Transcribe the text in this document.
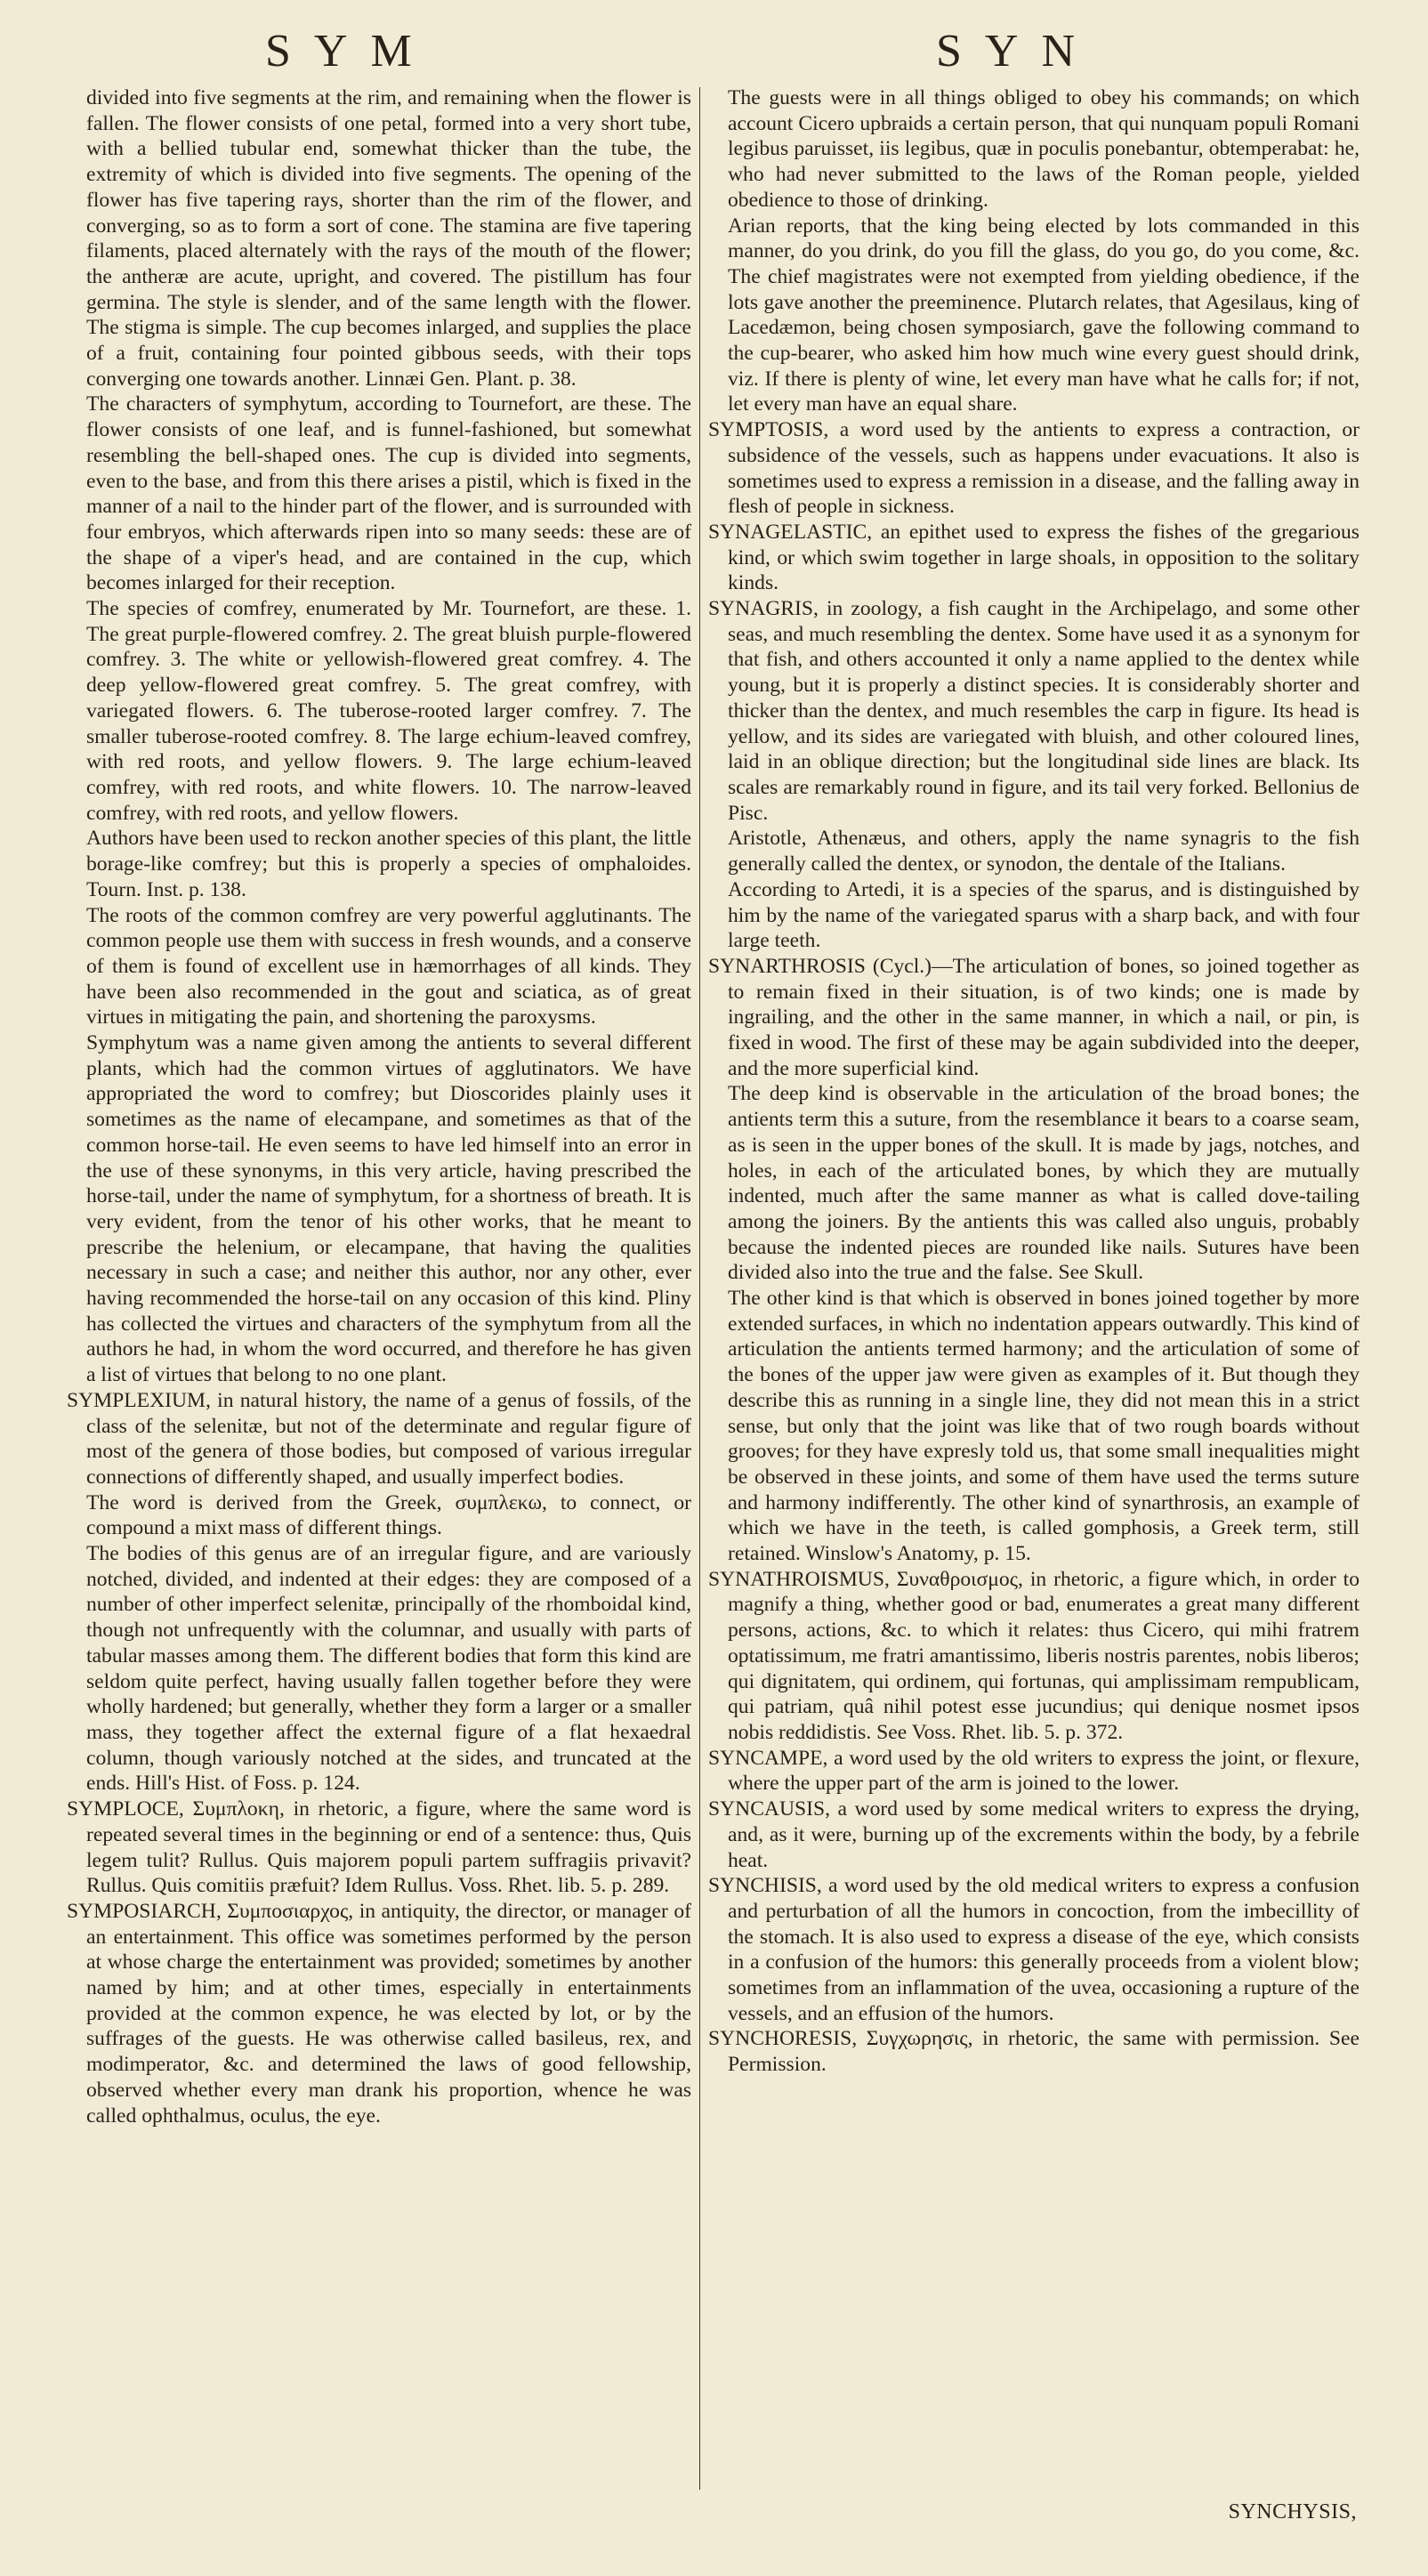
SYM	SYN

divided into five segments at the rim, and remaining when the flower is fallen. The flower consists of one petal, formed into a very short tube, with a bellied tubular end, somewhat thicker than the tube, the extremity of which is divided into five segments. The opening of the flower has five tapering rays, shorter than the rim of the flower, and converging, so as to form a sort of cone. The stamina are five tapering filaments, placed alternately with the rays of the mouth of the flower; the antheræ are acute, upright, and covered. The pistillum has four germina. The style is slender, and of the same length with the flower. The stigma is simple. The cup becomes inlarged, and supplies the place of a fruit, containing four pointed gibbous seeds, with their tops converging one towards another. Linnæi Gen. Plant. p. 38.

The characters of symphytum, according to Tournefort, are these. The flower consists of one leaf, and is funnel-fashioned, but somewhat resembling the bell-shaped ones. The cup is divided into segments, even to the base, and from this there arises a pistil, which is fixed in the manner of a nail to the hinder part of the flower, and is surrounded with four embryos, which afterwards ripen into so many seeds: these are of the shape of a viper's head, and are contained in the cup, which becomes inlarged for their reception.

The species of comfrey, enumerated by Mr. Tournefort, are these. 1. The great purple-flowered comfrey. 2. The great bluish purple-flowered comfrey. 3. The white or yellowish-flowered great comfrey. 4. The deep yellow-flowered great comfrey. 5. The great comfrey, with variegated flowers. 6. The tuberose-rooted larger comfrey. 7. The smaller tuberose-rooted comfrey. 8. The large echium-leaved comfrey, with red roots, and yellow flowers. 9. The large echium-leaved comfrey, with red roots, and white flowers. 10. The narrow-leaved comfrey, with red roots, and yellow flowers.

Authors have been used to reckon another species of this plant, the little borage-like comfrey; but this is properly a species of omphaloides. Tourn. Inst. p. 138.

The roots of the common comfrey are very powerful agglutinants. The common people use them with success in fresh wounds, and a conserve of them is found of excellent use in hæmorrhages of all kinds. They have been also recommended in the gout and sciatica, as of great virtues in mitigating the pain, and shortening the paroxysms.

Symphytum was a name given among the antients to several different plants, which had the common virtues of agglutinators. We have appropriated the word to comfrey; but Dioscorides plainly uses it sometimes as the name of elecampane, and sometimes as that of the common horse-tail. He even seems to have led himself into an error in the use of these synonyms, in this very article, having prescribed the horse-tail, under the name of symphytum, for a shortness of breath. It is very evident, from the tenor of his other works, that he meant to prescribe the helenium, or elecampane, that having the qualities necessary in such a case; and neither this author, nor any other, ever having recommended the horse-tail on any occasion of this kind. Pliny has collected the virtues and characters of the symphytum from all the authors he had, in whom the word occurred, and therefore he has given a list of virtues that belong to no one plant.

SYMPLEXIUM, in natural history, the name of a genus of fossils, of the class of the selenitæ, but not of the determinate and regular figure of most of the genera of those bodies, but composed of various irregular connections of differently shaped, and usually imperfect bodies.

The word is derived from the Greek, συμπλεκω, to connect, or compound a mixt mass of different things.

The bodies of this genus are of an irregular figure, and are variously notched, divided, and indented at their edges: they are composed of a number of other imperfect selenitæ, principally of the rhomboidal kind, though not unfrequently with the columnar, and usually with parts of tabular masses among them. The different bodies that form this kind are seldom quite perfect, having usually fallen together before they were wholly hardened; but generally, whether they form a larger or a smaller mass, they together affect the external figure of a flat hexaedral column, though variously notched at the sides, and truncated at the ends. Hill's Hist. of Foss. p. 124.

SYMPLOCE, Συμπλοκη, in rhetoric, a figure, where the same word is repeated several times in the beginning or end of a sentence: thus, Quis legem tulit? Rullus. Quis majorem populi partem suffragiis privavit? Rullus. Quis comitiis præfuit? Idem Rullus. Voss. Rhet. lib. 5. p. 289.

SYMPOSIARCH, Συμποσιαρχος, in antiquity, the director, or manager of an entertainment. This office was sometimes performed by the person at whose charge the entertainment was provided; sometimes by another named by him; and at other times, especially in entertainments provided at the common expence, he was elected by lot, or by the suffrages of the guests. He was otherwise called basileus, rex, and modimperator, &c. and determined the laws of good fellowship, observed whether every man drank his proportion, whence he was called ophthalmus, oculus, the eye.

The guests were in all things obliged to obey his commands; on which account Cicero upbraids a certain person, that qui nunquam populi Romani legibus paruisset, iis legibus, quæ in poculis ponebantur, obtemperabat: he, who had never submitted to the laws of the Roman people, yielded obedience to those of drinking.

Arian reports, that the king being elected by lots commanded in this manner, do you drink, do you fill the glass, do you go, do you come, &c. The chief magistrates were not exempted from yielding obedience, if the lots gave another the preeminence. Plutarch relates, that Agesilaus, king of Lacedæmon, being chosen symposiarch, gave the following command to the cup-bearer, who asked him how much wine every guest should drink, viz. If there is plenty of wine, let every man have what he calls for; if not, let every man have an equal share.

SYMPTOSIS, a word used by the antients to express a contraction, or subsidence of the vessels, such as happens under evacuations. It also is sometimes used to express a remission in a disease, and the falling away in flesh of people in sickness.

SYNAGELASTIC, an epithet used to express the fishes of the gregarious kind, or which swim together in large shoals, in opposition to the solitary kinds.

SYNAGRIS, in zoology, a fish caught in the Archipelago, and some other seas, and much resembling the dentex. Some have used it as a synonym for that fish, and others accounted it only a name applied to the dentex while young, but it is properly a distinct species. It is considerably shorter and thicker than the dentex, and much resembles the carp in figure. Its head is yellow, and its sides are variegated with bluish, and other coloured lines, laid in an oblique direction; but the longitudinal side lines are black. Its scales are remarkably round in figure, and its tail very forked. Bellonius de Pisc.

Aristotle, Athenæus, and others, apply the name synagris to the fish generally called the dentex, or synodon, the dentale of the Italians.

According to Artedi, it is a species of the sparus, and is distinguished by him by the name of the variegated sparus with a sharp back, and with four large teeth.

SYNARTHROSIS (Cycl.)—The articulation of bones, so joined together as to remain fixed in their situation, is of two kinds; one is made by ingrailing, and the other in the same manner, in which a nail, or pin, is fixed in wood. The first of these may be again subdivided into the deeper, and the more superficial kind.

The deep kind is observable in the articulation of the broad bones; the antients term this a suture, from the resemblance it bears to a coarse seam, as is seen in the upper bones of the skull. It is made by jags, notches, and holes, in each of the articulated bones, by which they are mutually indented, much after the same manner as what is called dove-tailing among the joiners. By the antients this was called also unguis, probably because the indented pieces are rounded like nails. Sutures have been divided also into the true and the false. See Skull.

The other kind is that which is observed in bones joined together by more extended surfaces, in which no indentation appears outwardly. This kind of articulation the antients termed harmony; and the articulation of some of the bones of the upper jaw were given as examples of it. But though they describe this as running in a single line, they did not mean this in a strict sense, but only that the joint was like that of two rough boards without grooves; for they have expresly told us, that some small inequalities might be observed in these joints, and some of them have used the terms suture and harmony indifferently. The other kind of synarthrosis, an example of which we have in the teeth, is called gomphosis, a Greek term, still retained. Winslow's Anatomy, p. 15.

SYNATHROISMUS, Συναθροισμος, in rhetoric, a figure which, in order to magnify a thing, whether good or bad, enumerates a great many different persons, actions, &c. to which it relates: thus Cicero, qui mihi fratrem optatissimum, me fratri amantissimo, liberis nostris parentes, nobis liberos; qui dignitatem, qui ordinem, qui fortunas, qui amplissimam rempublicam, qui patriam, quâ nihil potest esse jucundius; qui denique nosmet ipsos nobis reddidistis. See Voss. Rhet. lib. 5. p. 372.

SYNCAMPE, a word used by the old writers to express the joint, or flexure, where the upper part of the arm is joined to the lower.

SYNCAUSIS, a word used by some medical writers to express the drying, and, as it were, burning up of the excrements within the body, by a febrile heat.

SYNCHISIS, a word used by the old medical writers to express a confusion and perturbation of all the humors in concoction, from the imbecillity of the stomach. It is also used to express a disease of the eye, which consists in a confusion of the humors: this generally proceeds from a violent blow; sometimes from an inflammation of the uvea, occasioning a rupture of the vessels, and an effusion of the humors.

SYNCHORESIS, Συγχωρησις, in rhetoric, the same with permission. See Permission.

SYNCHYSIS,
